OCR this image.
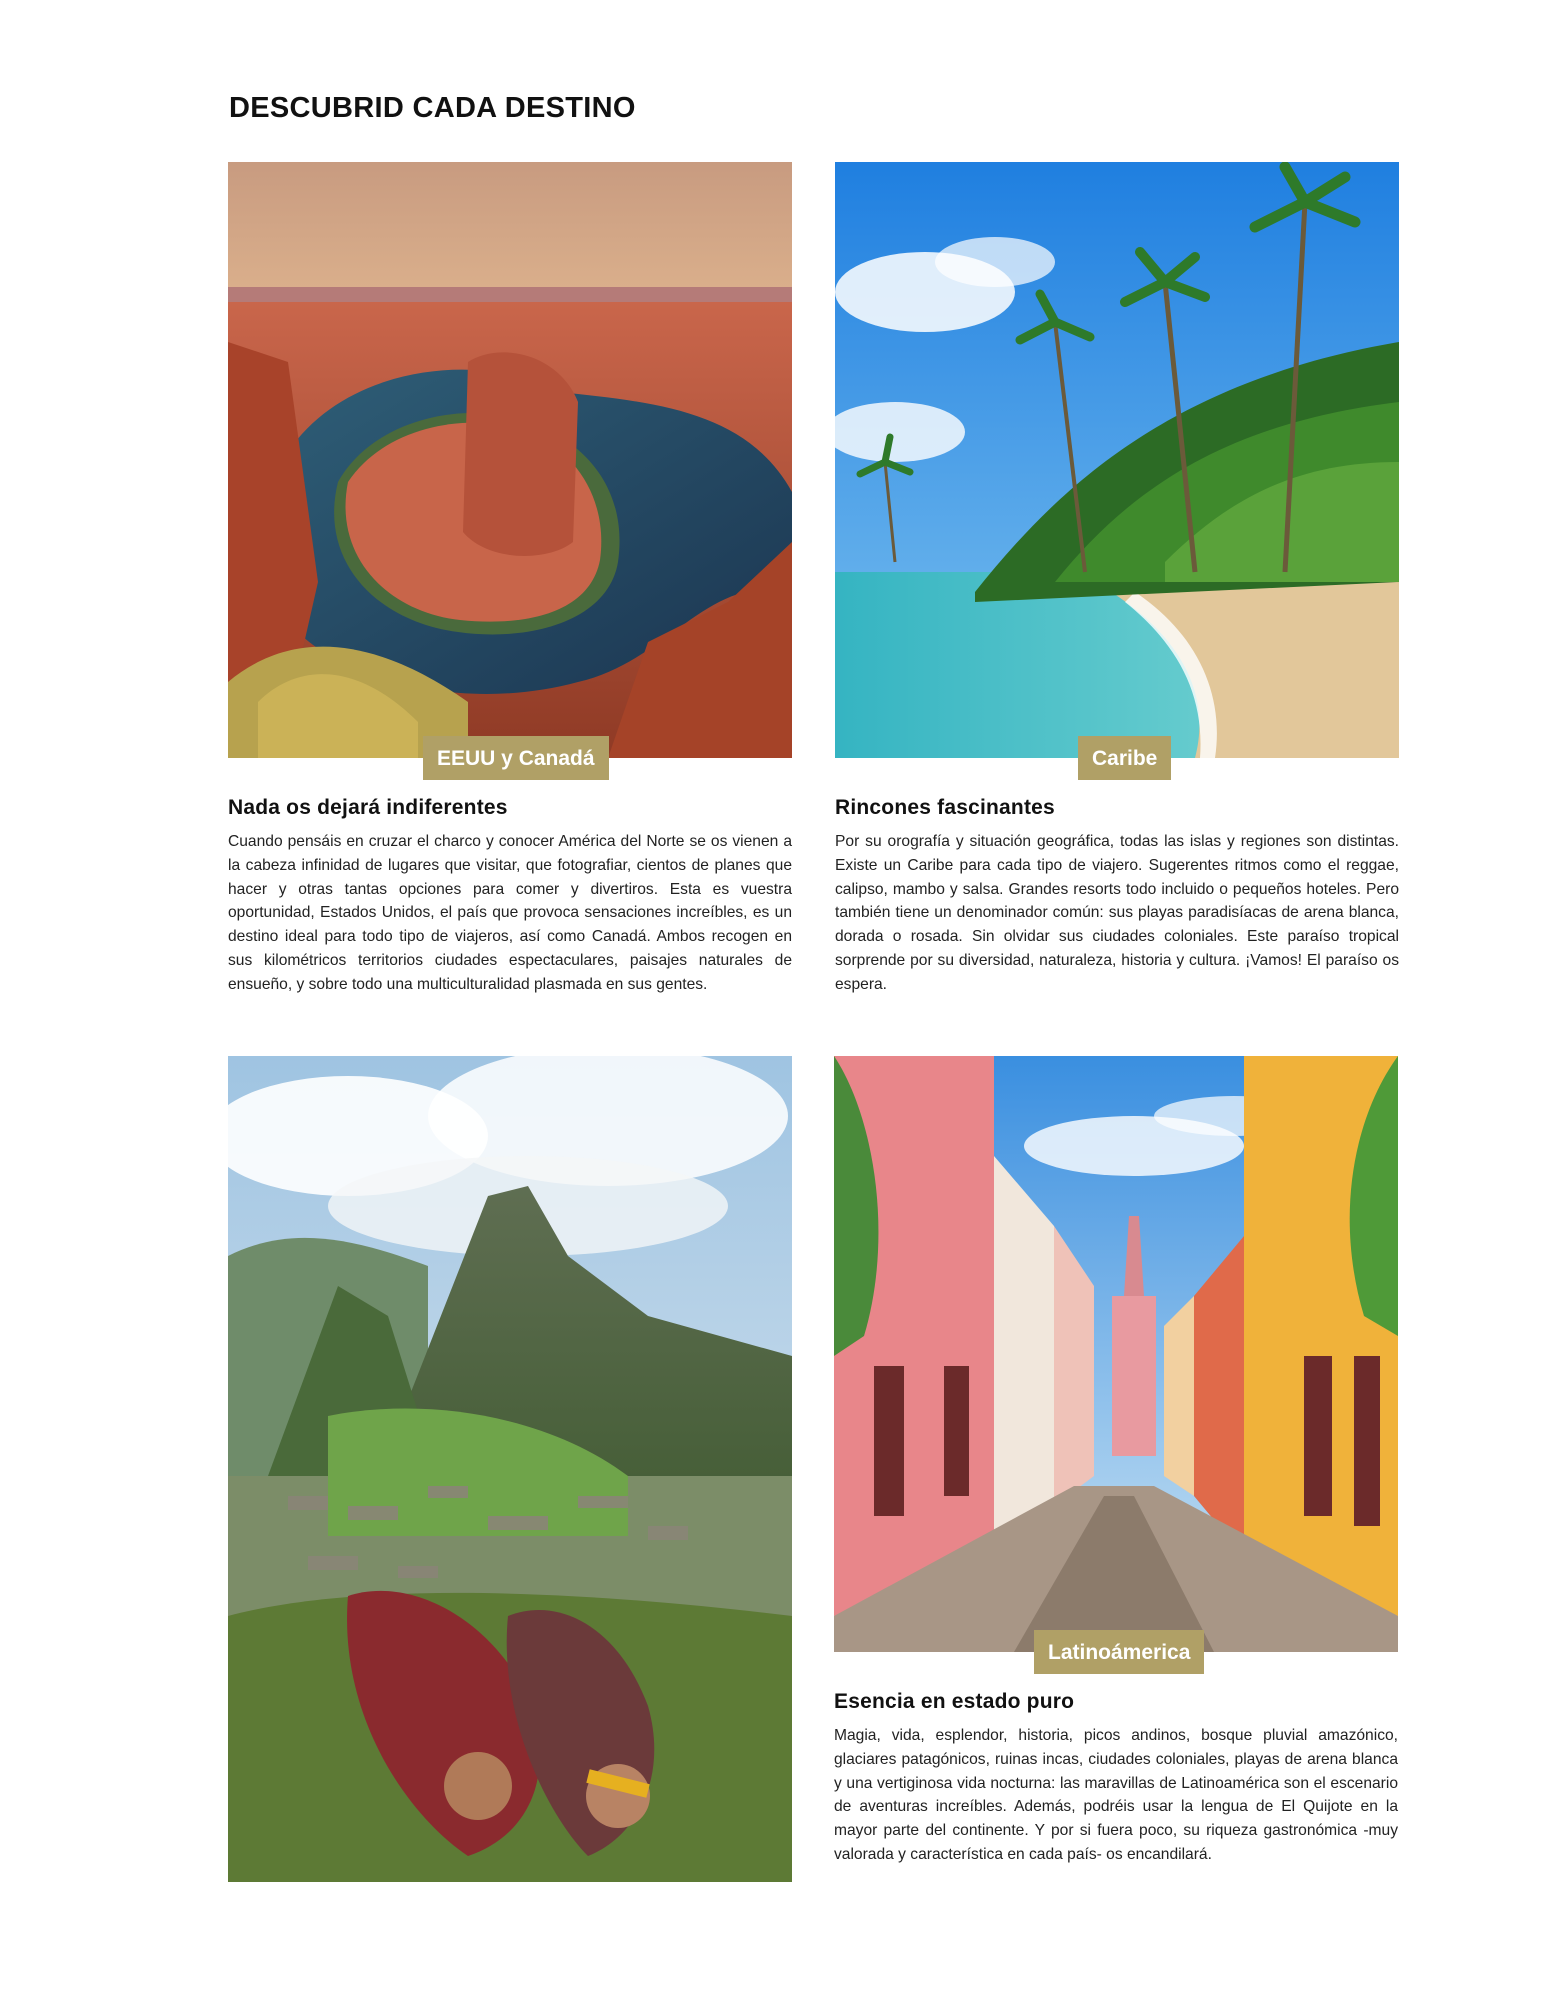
DESCUBRID CADA DESTINO
EEUU y Canadá
Nada os dejará indiferentes

Cuando pensáis en cruzar el charco y conocer América del Norte se os vienen a la cabeza infinidad de lugares que visitar, que fotografiar, cientos de planes que hacer y otras tantas opciones para comer y divertiros. Esta es vuestra oportunidad, Estados Unidos, el país que provoca sensaciones increíbles, es un destino ideal para todo tipo de viajeros, así como Canadá. Ambos recogen en sus kilométricos territorios ciudades espectaculares, paisajes naturales de ensueño, y sobre todo una multiculturalidad plasmada en sus gentes.

Caribe
Rincones fascinantes

Por su orografía y situación geográfica, todas las islas y regiones son distintas. Existe un Caribe para cada tipo de viajero. Sugerentes ritmos como el reggae, calipso, mambo y salsa. Grandes resorts todo incluido o pequeños hoteles. Pero también tiene un denominador común: sus playas paradisíacas de arena blanca, dorada o rosada. Sin olvidar sus ciudades coloniales. Este paraíso tropical sorprende por su diversidad, naturaleza, historia y cultura. ¡Vamos! El paraíso os espera.

Latinoámerica
Esencia en estado puro

Magia, vida, esplendor, historia, picos andinos, bosque pluvial amazónico, glaciares patagónicos, ruinas incas, ciudades coloniales, playas de arena blanca y una vertiginosa vida nocturna: las maravillas de Latinoamérica son el escenario de aventuras increíbles. Además, podréis usar la lengua de El Quijote en la mayor parte del continente. Y por si fuera poco, su riqueza gastronómica -muy valorada y característica en cada país- os encandilará.
